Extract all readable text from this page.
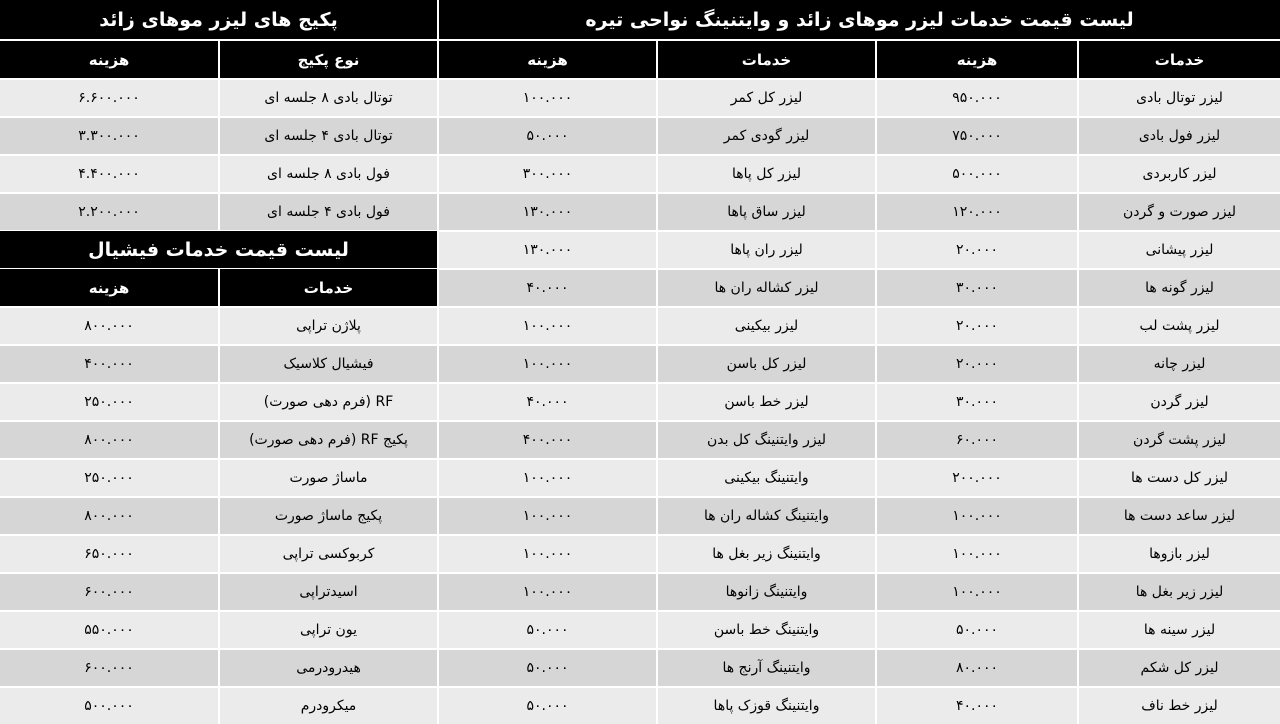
لیست قیمت خدمات لیزر موهای زائد و وایتنینگ نواحی تیره
خدمات
هزینه
خدمات
هزینه
لیزر توتال بادی
۹۵۰.۰۰۰
لیزر کل کمر
۱۰۰.۰۰۰
لیزر فول بادی
۷۵۰.۰۰۰
لیزر گودی کمر
۵۰.۰۰۰
لیزر کاربردی
۵۰۰.۰۰۰
لیزر کل پاها
۳۰۰.۰۰۰
لیزر صورت و گردن
۱۲۰.۰۰۰
لیزر ساق پاها
۱۳۰.۰۰۰
لیزر پیشانی
۲۰.۰۰۰
لیزر ران پاها
۱۳۰.۰۰۰
لیزر گونه ها
۳۰.۰۰۰
لیزر کشاله ران ها
۴۰.۰۰۰
لیزر پشت لب
۲۰.۰۰۰
لیزر بیکینی
۱۰۰.۰۰۰
لیزر چانه
۲۰.۰۰۰
لیزر کل باسن
۱۰۰.۰۰۰
لیزر گردن
۳۰.۰۰۰
لیزر خط باسن
۴۰.۰۰۰
لیزر پشت گردن
۶۰.۰۰۰
لیزر وایتنینگ کل بدن
۴۰۰.۰۰۰
لیزر کل دست ها
۲۰۰.۰۰۰
وایتنینگ بیکینی
۱۰۰.۰۰۰
لیزر ساعد دست ها
۱۰۰.۰۰۰
وایتنینگ کشاله ران ها
۱۰۰.۰۰۰
لیزر بازوها
۱۰۰.۰۰۰
وایتنینگ زیر بغل ها
۱۰۰.۰۰۰
لیزر زیر بغل ها
۱۰۰.۰۰۰
وایتنینگ زانوها
۱۰۰.۰۰۰
لیزر سینه ها
۵۰.۰۰۰
وایتنینگ خط باسن
۵۰.۰۰۰
لیزر کل شکم
۸۰.۰۰۰
وایتنینگ آرنج ها
۵۰.۰۰۰
لیزر خط ناف
۴۰.۰۰۰
وایتنینگ قوزک پاها
۵۰.۰۰۰
پکیج های لیزر موهای زائد
نوع پکیج
هزینه
توتال بادی ۸ جلسه ای
۶.۶۰۰.۰۰۰
توتال بادی ۴ جلسه ای
۳.۳۰۰.۰۰۰
فول بادی ۸ جلسه ای
۴.۴۰۰.۰۰۰
فول بادی ۴ جلسه ای
۲.۲۰۰.۰۰۰
لیست قیمت خدمات فیشیال
خدمات
هزینه
پلاژن تراپی
۸۰۰.۰۰۰
فیشیال کلاسیک
۴۰۰.۰۰۰
RF (فرم دهی صورت)
۲۵۰.۰۰۰
پکیج RF (فرم دهی صورت)
۸۰۰.۰۰۰
ماساژ صورت
۲۵۰.۰۰۰
پکیج ماساژ صورت
۸۰۰.۰۰۰
کربوکسی تراپی
۶۵۰.۰۰۰
اسیدتراپی
۶۰۰.۰۰۰
یون تراپی
۵۵۰.۰۰۰
هیدرودرمی
۶۰۰.۰۰۰
میکرودرم
۵۰۰.۰۰۰
